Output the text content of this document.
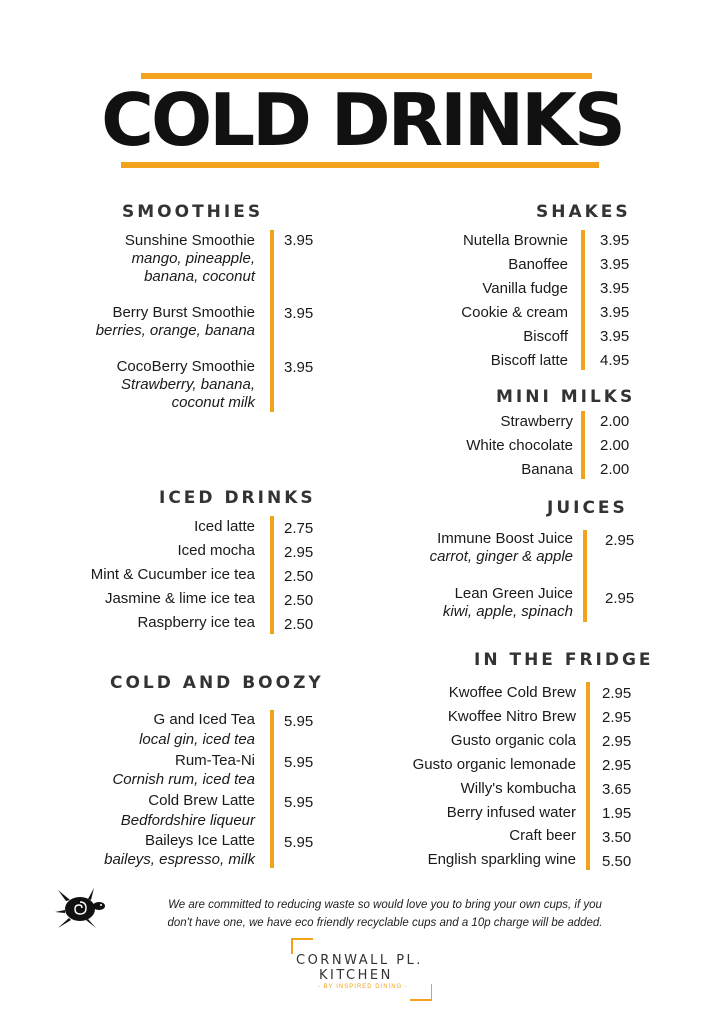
COLD DRINKS
SMOOTHIES
Sunshine Smoothie
mango, pineapple,
banana, coconut
3.95
Berry Burst Smoothie
berries, orange, banana
3.95
CocoBerry Smoothie
Strawberry, banana,
coconut milk
3.95
ICED DRINKS
Iced latte 2.75
Iced mocha 2.95
Mint & Cucumber ice tea 2.50
Jasmine & lime ice tea 2.50
Raspberry ice tea 2.50
COLD AND BOOZY
G and Iced Tea
local gin, iced tea
5.95
Rum-Tea-Ni
Cornish rum, iced tea
5.95
Cold Brew Latte
Bedfordshire liqueur
5.95
Baileys Ice Latte
baileys, espresso, milk
5.95
SHAKES
Nutella Brownie 3.95
Banoffee 3.95
Vanilla fudge 3.95
Cookie & cream 3.95
Biscoff 3.95
Biscoff latte 4.95
MINI MILKS
Strawberry 2.00
White chocolate 2.00
Banana 2.00
JUICES
Immune Boost Juice
carrot, ginger & apple
2.95
Lean Green Juice
kiwi, apple, spinach
2.95
IN THE FRIDGE
Kwoffee Cold Brew 2.95
Kwoffee Nitro Brew 2.95
Gusto organic cola 2.95
Gusto organic lemonade 2.95
Willy's kombucha 3.65
Berry infused water 1.95
Craft beer 3.50
English sparkling wine 5.50
We are committed to reducing waste so would love you to bring your own cups, if you
don't have one, we have eco friendly recyclable cups and a 10p charge will be added.
CORNWALL PL.
KITCHEN
- BY INSPIRED DINING -
